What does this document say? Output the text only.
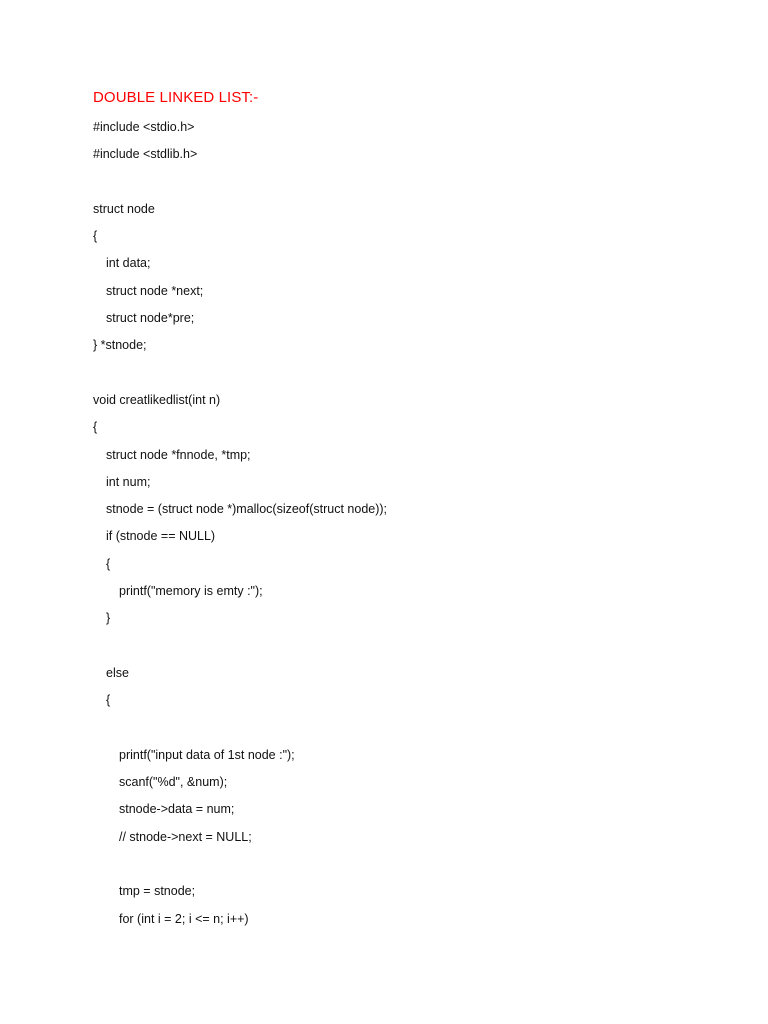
DOUBLE LINKED LIST:-
#include <stdio.h>
#include <stdlib.h>
struct node
{
int data;
struct node *next;
struct node*pre;
} *stnode;
void creatlikedlist(int n)
{
struct node *fnnode, *tmp;
int num;
stnode = (struct node *)malloc(sizeof(struct node));
if (stnode == NULL)
{
printf("memory is emty :");
}
else
{
printf("input data of 1st node :");
scanf("%d", &num);
stnode->data = num;
// stnode->next = NULL;
tmp = stnode;
for (int i = 2; i <= n; i++)
